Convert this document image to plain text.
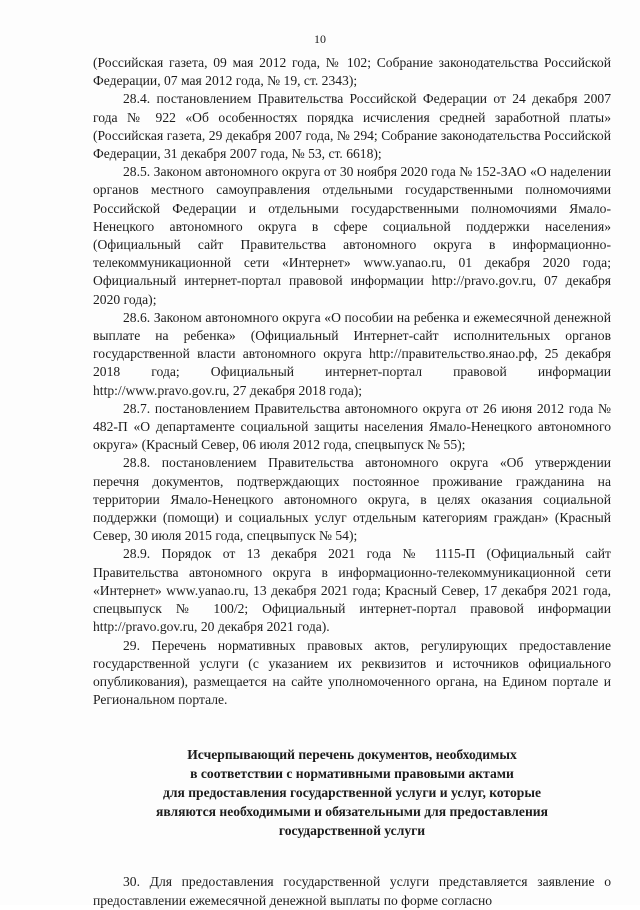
10

(Российская газета, 09 мая 2012 года, № 102; Собрание законодательства Российской Федерации, 07 мая 2012 года, № 19, ст. 2343);

28.4. постановлением Правительства Российской Федерации от 24 декабря 2007 года № 922 «Об особенностях порядка исчисления средней заработной платы» (Российская газета, 29 декабря 2007 года, № 294; Собрание законодательства Российской Федерации, 31 декабря 2007 года, № 53, ст. 6618);

28.5. Законом автономного округа от 30 ноября 2020 года № 152-ЗАО «О наделении органов местного самоуправления отдельными государственными полномочиями Российской Федерации и отдельными государственными полномочиями Ямало-Ненецкого автономного округа в сфере социальной поддержки населения» (Официальный сайт Правительства автономного округа в информационно-телекоммуникационной сети «Интернет» www.yanao.ru, 01 декабря 2020 года; Официальный интернет-портал правовой информации http://pravo.gov.ru, 07 декабря 2020 года);

28.6. Законом автономного округа «О пособии на ребенка и ежемесячной денежной выплате на ребенка» (Официальный Интернет-сайт исполнительных органов государственной власти автономного округа http://правительство.янао.рф, 25 декабря 2018 года; Официальный интернет-портал правовой информации http://www.pravo.gov.ru, 27 декабря 2018 года);

28.7. постановлением Правительства автономного округа от 26 июня 2012 года № 482-П «О департаменте социальной защиты населения Ямало-Ненецкого автономного округа» (Красный Север, 06 июля 2012 года, спецвыпуск № 55);

28.8. постановлением Правительства автономного округа «Об утверждении перечня документов, подтверждающих постоянное проживание гражданина на территории Ямало-Ненецкого автономного округа, в целях оказания социальной поддержки (помощи) и социальных услуг отдельным категориям граждан» (Красный Север, 30 июля 2015 года, спецвыпуск № 54);

28.9. Порядок от 13 декабря 2021 года № 1115-П (Официальный сайт Правительства автономного округа в информационно-телекоммуникационной сети «Интернет» www.yanao.ru, 13 декабря 2021 года; Красный Север, 17 декабря 2021 года, спецвыпуск № 100/2; Официальный интернет-портал правовой информации http://pravo.gov.ru, 20 декабря 2021 года).

29. Перечень нормативных правовых актов, регулирующих предоставление государственной услуги (с указанием их реквизитов и источников официального опубликования), размещается на сайте уполномоченного органа, на Едином портале и Региональном портале.

Исчерпывающий перечень документов, необходимых
в соответствии с нормативными правовыми актами
для предоставления государственной услуги и услуг, которые
являются необходимыми и обязательными для предоставления
государственной услуги

30. Для предоставления государственной услуги представляется заявление о предоставлении ежемесячной денежной выплаты по форме согласно
